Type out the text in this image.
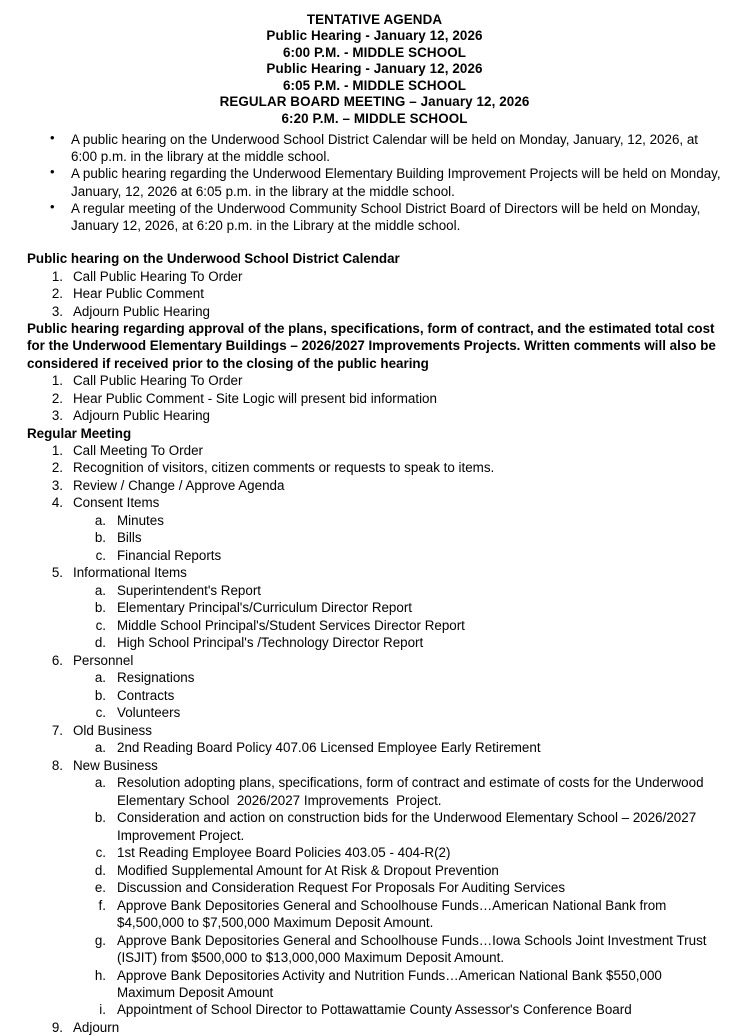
TENTATIVE AGENDA
Public Hearing - January 12, 2026
6:00 P.M. - MIDDLE SCHOOL
Public Hearing - January 12, 2026
6:05 P.M. - MIDDLE SCHOOL
REGULAR BOARD MEETING – January 12, 2026
6:20 P.M. – MIDDLE SCHOOL
• A public hearing on the Underwood School District Calendar will be held on Monday, January, 12, 2026, at 6:00 p.m. in the library at the middle school.
• A public hearing regarding the Underwood Elementary Building Improvement Projects will be held on Monday, January, 12, 2026 at 6:05 p.m. in the library at the middle school.
• A regular meeting of the Underwood Community School District Board of Directors will be held on Monday, January 12, 2026, at 6:20 p.m. in the Library at the middle school.
Public hearing on the Underwood School District Calendar
1. Call Public Hearing To Order
2. Hear Public Comment
3. Adjourn Public Hearing
Public hearing regarding approval of the plans, specifications, form of contract, and the estimated total cost for the Underwood Elementary Buildings – 2026/2027 Improvements Projects. Written comments will also be considered if received prior to the closing of the public hearing
1. Call Public Hearing To Order
2. Hear Public Comment - Site Logic will present bid information
3. Adjourn Public Hearing
Regular Meeting
1. Call Meeting To Order
2. Recognition of visitors, citizen comments or requests to speak to items.
3. Review / Change / Approve Agenda
4. Consent Items
a. Minutes
b. Bills
c. Financial Reports
5. Informational Items
a. Superintendent's Report
b. Elementary Principal's/Curriculum Director Report
c. Middle School Principal's/Student Services Director Report
d. High School Principal's /Technology Director Report
6. Personnel
a. Resignations
b. Contracts
c. Volunteers
7. Old Business
a. 2nd Reading Board Policy 407.06 Licensed Employee Early Retirement
8. New Business
a. Resolution adopting plans, specifications, form of contract and estimate of costs for the Underwood Elementary School  2026/2027 Improvements  Project.
b. Consideration and action on construction bids for the Underwood Elementary School – 2026/2027 Improvement Project.
c. 1st Reading Employee Board Policies 403.05 - 404-R(2)
d. Modified Supplemental Amount for At Risk & Dropout Prevention
e. Discussion and Consideration Request For Proposals For Auditing Services
f. Approve Bank Depositories General and Schoolhouse Funds…American National Bank from $4,500,000 to $7,500,000 Maximum Deposit Amount.
g. Approve Bank Depositories General and Schoolhouse Funds…Iowa Schools Joint Investment Trust (ISJIT) from $500,000 to $13,000,000 Maximum Deposit Amount.
h. Approve Bank Depositories Activity and Nutrition Funds…American National Bank $550,000 Maximum Deposit Amount
i. Appointment of School Director to Pottawattamie County Assessor's Conference Board
9. Adjourn
